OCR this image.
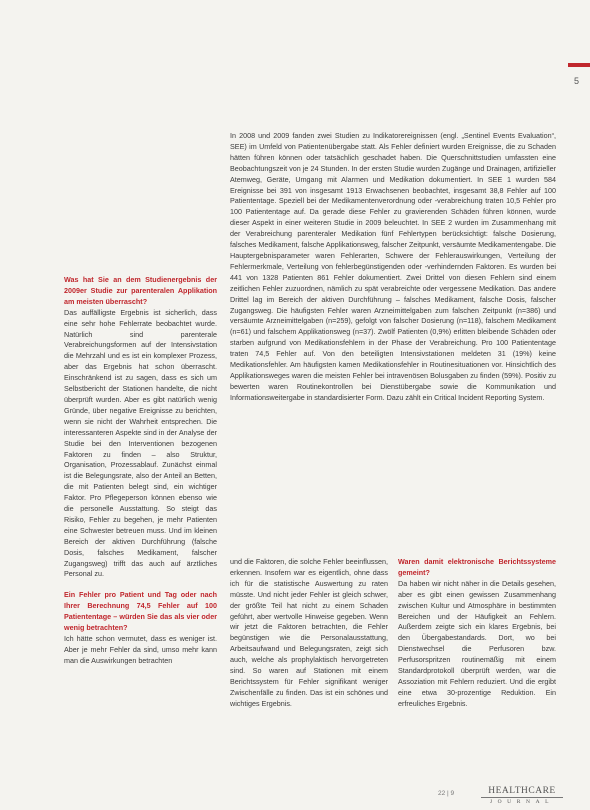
5

In 2008 und 2009 fanden zwei Studien zu Indikatorereignissen (engl. „Sentinel Events Evaluation“, SEE) im Umfeld von Patientenübergabe statt. Als Fehler definiert wurden Ereignisse, die zu Schaden hätten führen können oder tatsächlich geschadet haben. Die Querschnittstudien umfassten eine Beobachtungszeit von je 24 Stunden. In der ersten Studie wurden Zugänge und Drainagen, artifizieller Atemweg, Geräte, Umgang mit Alarmen und Medikation dokumentiert. In SEE 1 wurden 584 Ereignisse bei 391 von insgesamt 1913 Erwachsenen beobachtet, insgesamt 38,8 Fehler auf 100 Patiententage. Speziell bei der Medikamentenverordnung oder -verabreichung traten 10,5 Fehler pro 100 Patiententage auf. Da gerade diese Fehler zu gravierenden Schäden führen können, wurde dieser Aspekt in einer weiteren Studie in 2009 beleuchtet. In SEE 2 wurden im Zusammenhang mit der Verabreichung parenteraler Medikation fünf Fehlertypen berücksichtigt: falsche Dosierung, falsches Medikament, falsche Applikationsweg, falscher Zeitpunkt, versäumte Medikamentengabe. Die Hauptergebnisparameter waren Fehlerarten, Schwere der Fehlerauswirkungen, Verteilung der Fehlermerkmale, Verteilung von fehlerbegünstigenden oder -verhindernden Faktoren. Es wurden bei 441 von 1328 Patienten 861 Fehler dokumentiert. Zwei Drittel von diesen Fehlern sind einem zeitlichen Fehler zuzuordnen, nämlich zu spät verabreichte oder vergessene Medikation. Das andere Drittel lag im Bereich der aktiven Durchführung – falsches Medikament, falsche Dosis, falscher Zugangsweg. Die häufigsten Fehler waren Arzneimittelgaben zum falschen Zeitpunkt (n=386) und versäumte Arzneimittelgaben (n=259), gefolgt von falscher Dosierung (n=118), falschem Medikament (n=61) und falschem Applikationsweg (n=37). Zwölf Patienten (0,9%) erlitten bleibende Schäden oder starben aufgrund von Medikationsfehlern in der Phase der Verabreichung. Pro 100 Patiententage traten 74,5 Fehler auf. Von den beteiligten Intensivstationen meldeten 31 (19%) keine Medikationsfehler. Am häufigsten kamen Medikationsfehler in Routinesituationen vor. Hinsichtlich des Applikationsweges waren die meisten Fehler bei intravenösen Bolusgaben zu finden (59%). Positiv zu bewerten waren Routinekontrollen bei Dienstübergabe sowie die Kommunikation und Informationsweitergabe in standardisierter Form. Dazu zählt ein Critical Incident Reporting System.

Was hat Sie an dem Studienergebnis der 2009er Studie zur parenteralen Applikation am meisten überrascht?

Das auffälligste Ergebnis ist sicherlich, dass eine sehr hohe Fehlerrate beobachtet wurde. Natürlich sind parenterale Verabreichungsformen auf der Intensivstation die Mehrzahl und es ist ein komplexer Prozess, aber das Ergebnis hat schon überrascht. Einschränkend ist zu sagen, dass es sich um Selbstbericht der Stationen handelte, die nicht überprüft wurden. Aber es gibt natürlich wenig Gründe, über negative Ereignisse zu berichten, wenn sie nicht der Wahrheit entsprechen. Die interessanteren Aspekte sind in der Analyse der Studie bei den Interventionen bezogenen Faktoren zu finden – also Struktur, Organisation, Prozessablauf. Zunächst einmal ist die Belegungsrate, also der Anteil an Betten, die mit Patienten belegt sind, ein wichtiger Faktor. Pro Pflegeperson können ebenso wie die personelle Ausstattung. So steigt das Risiko, Fehler zu begehen, je mehr Patienten eine Schwester betreuen muss. Und im kleinen Bereich der aktiven Durchführung (falsche Dosis, falsches Medikament, falscher Zugangsweg) trifft das auch auf ärztliches Personal zu.

Ein Fehler pro Patient und Tag oder nach Ihrer Berechnung 74,5 Fehler auf 100 Patiententage – würden Sie das als vier oder wenig betrachten?

Ich hätte schon vermutet, dass es weniger ist. Aber je mehr Fehler da sind, umso mehr kann man die Auswirkungen betrachten

und die Faktoren, die solche Fehler beeinflussen, erkennen. Insofern war es eigentlich, ohne dass ich für die statistische Auswertung zu raten müsste. Und nicht jeder Fehler ist gleich schwer, der größte Teil hat nicht zu einem Schaden geführt, aber wertvolle Hinweise gegeben. Wenn wir jetzt die Faktoren betrachten, die Fehler begünstigen wie die Personalausstattung, Arbeitsaufwand und Belegungsraten, zeigt sich auch, welche als prophylaktisch hervorgetreten sind. So waren auf Stationen mit einem Berichtssystem für Fehler signifikant weniger Zwischenfälle zu finden. Das ist ein schönes und wichtiges Ergebnis.

Waren damit elektronische Berichtssysteme gemeint?

Da haben wir nicht näher in die Details gesehen, aber es gibt einen gewissen Zusammenhang zwischen Kultur und Atmosphäre in bestimmten Bereichen und der Häufigkeit an Fehlern. Außerdem zeigte sich ein klares Ergebnis, bei den Übergabestandards. Dort, wo bei Dienstwechsel die Perfusoren bzw. Perfusorspritzen routinemäßig mit einem Standardprotokoll überprüft werden, war die Assoziation mit Fehlern reduziert. Und die ergibt eine etwa 30-prozentige Reduktion. Ein erfreuliches Ergebnis.

22 | 9	HEALTHCARE
JOURNAL
